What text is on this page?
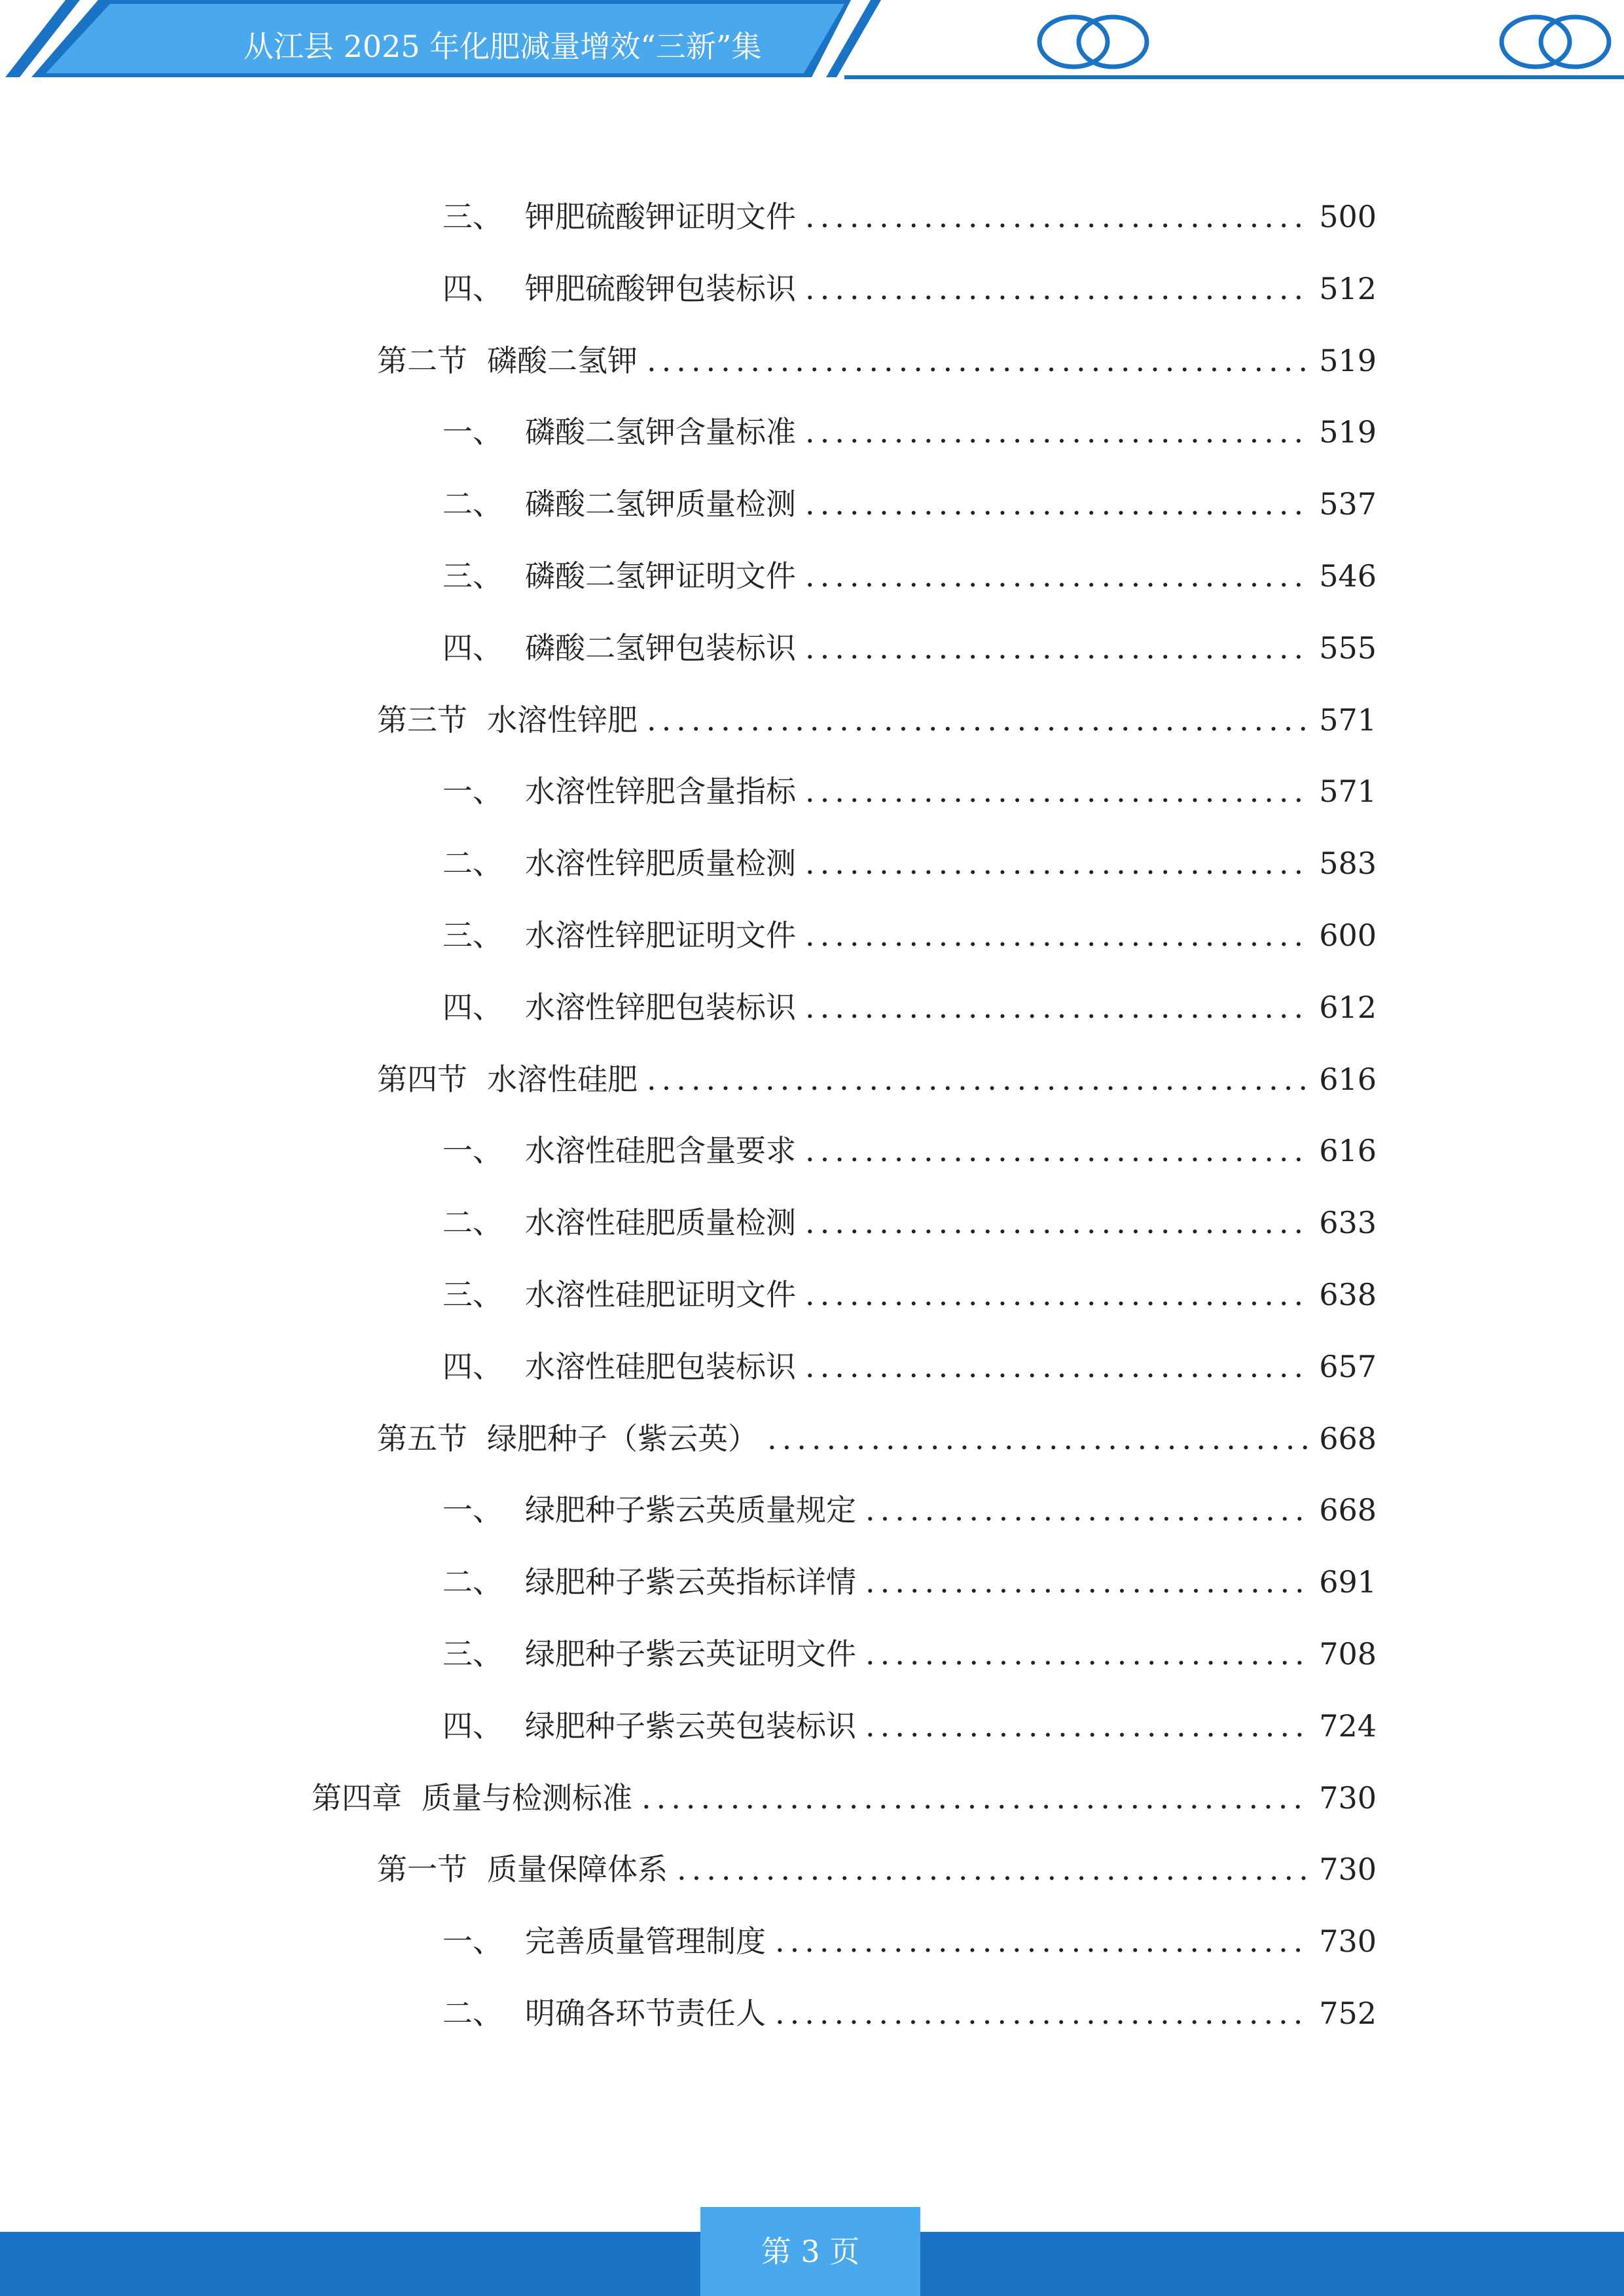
从江县 2025 年化肥减量增效“三新”集
三、 钾肥硫酸钾证明文件 .....	500
四、 钾肥硫酸钾包装标识 .....	512
第二节 磷酸二氢钾 .....	519
一、 磷酸二氢钾含量标准 .....	519
二、 磷酸二氢钾质量检测 .....	537
三、 磷酸二氢钾证明文件 .....	546
四、 磷酸二氢钾包装标识 .....	555
第三节 水溶性锌肥 .....	571
一、 水溶性锌肥含量指标 .....	571
二、 水溶性锌肥质量检测 .....	583
三、 水溶性锌肥证明文件 .....	600
四、 水溶性锌肥包装标识 .....	612
第四节 水溶性硅肥 .....	616
一、 水溶性硅肥含量要求 .....	616
二、 水溶性硅肥质量检测 .....	633
三、 水溶性硅肥证明文件 .....	638
四、 水溶性硅肥包装标识 .....	657
第五节 绿肥种子（紫云英） .....	668
一、 绿肥种子紫云英质量规定 .....	668
二、 绿肥种子紫云英指标详情 .....	691
三、 绿肥种子紫云英证明文件 .....	708
四、 绿肥种子紫云英包装标识 .....	724
第四章 质量与检测标准 .....	730
第一节 质量保障体系 .....	730
一、 完善质量管理制度 .....	730
二、 明确各环节责任人 .....	752
第 3 页
